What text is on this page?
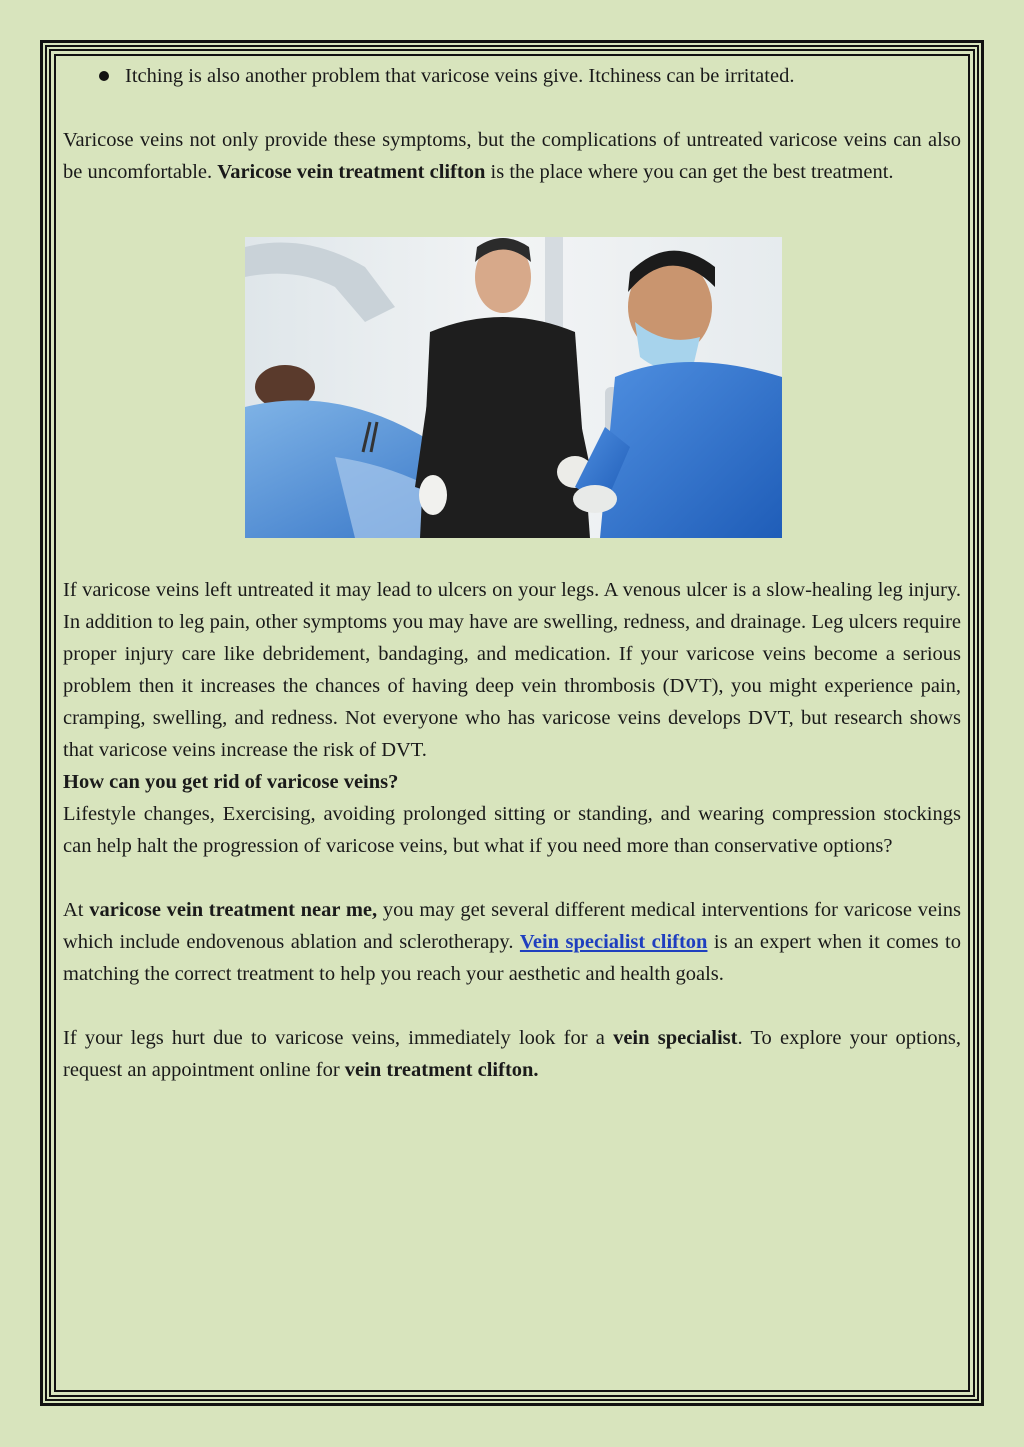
Itching is also another problem that varicose veins give. Itchiness can be irritated.

Varicose veins not only provide these symptoms, but the complications of untreated varicose veins can also be uncomfortable. Varicose vein treatment clifton is the place where you can get the best treatment.

If varicose veins left untreated it may lead to ulcers on your legs. A venous ulcer is a slow-healing leg injury. In addition to leg pain, other symptoms you may have are swelling, redness, and drainage. Leg ulcers require proper injury care like debridement, bandaging, and medication. If your varicose veins become a serious problem then it increases the chances of having deep vein thrombosis (DVT), you might experience pain, cramping, swelling, and redness. Not everyone who has varicose veins develops DVT, but research shows that varicose veins increase the risk of DVT.

How can you get rid of varicose veins?

Lifestyle changes, Exercising, avoiding prolonged sitting or standing, and wearing compression stockings can help halt the progression of varicose veins, but what if you need more than conservative options?

At varicose vein treatment near me, you may get several different medical interventions for varicose veins which include endovenous ablation and sclerotherapy. Vein specialist clifton is an expert when it comes to matching the correct treatment to help you reach your aesthetic and health goals.

If your legs hurt due to varicose veins, immediately look for a vein specialist. To explore your options, request an appointment online for vein treatment clifton.
